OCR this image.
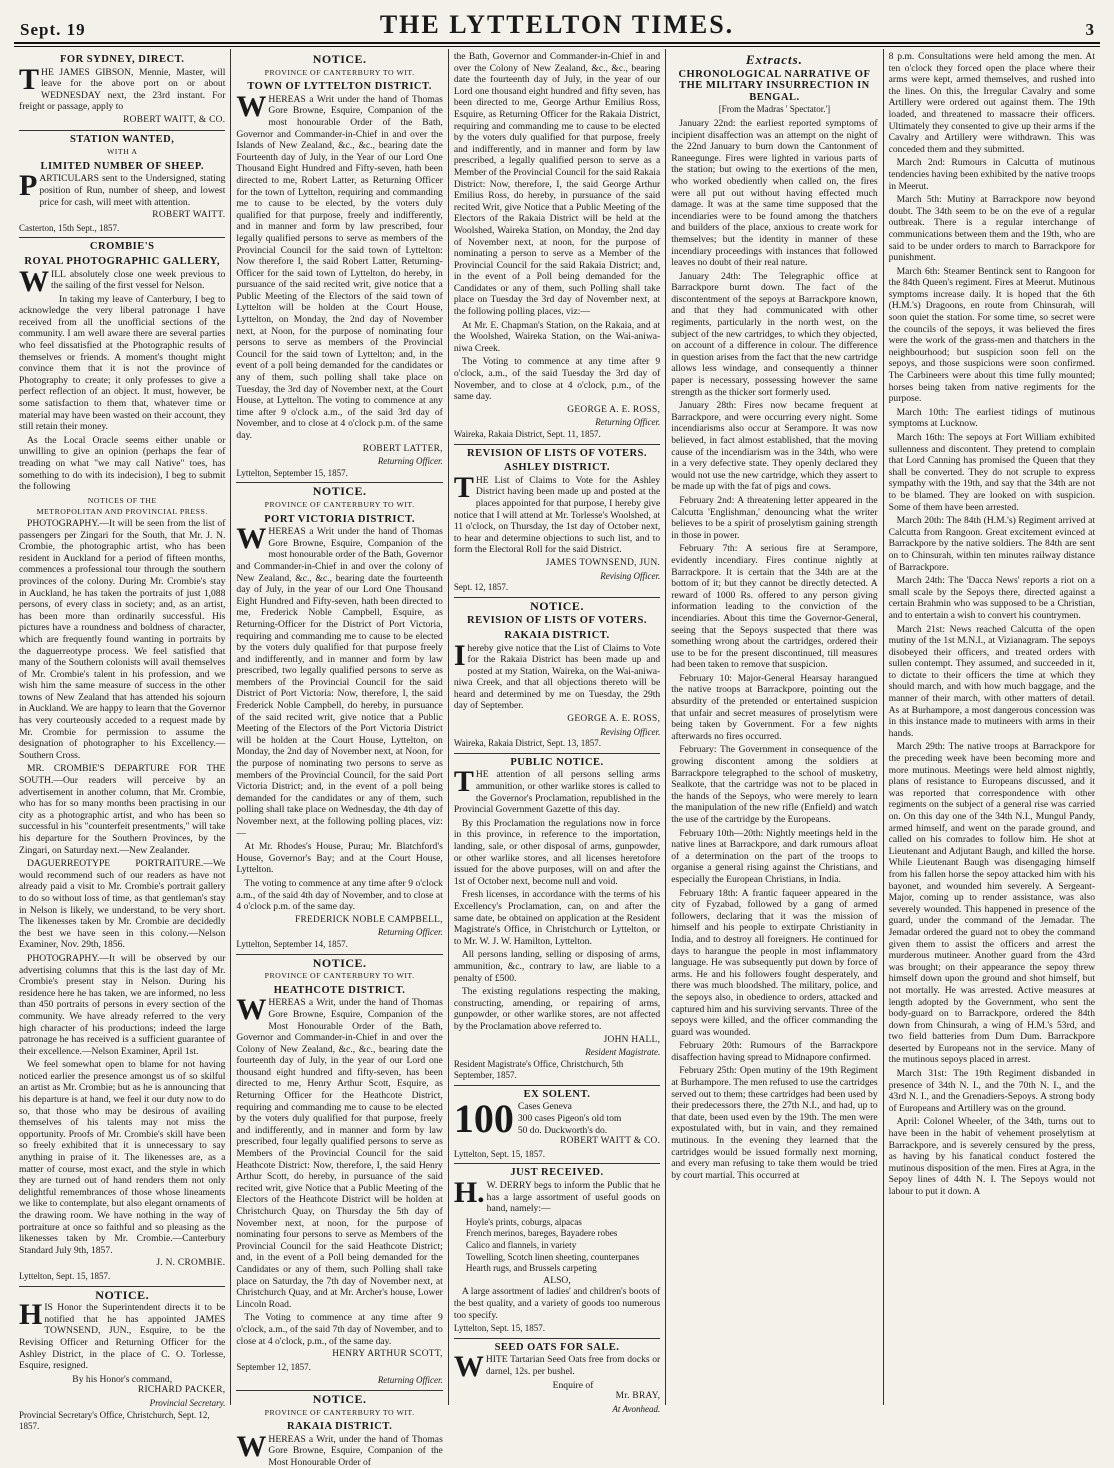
Sept. 19	THE LYTTELTON TIMES.	3
FOR SYDNEY, DIRECT.

THE JAMES GIBSON, Mennie, Master, will leave for the above port on or about WEDNESDAY next, the 23rd instant. For freight or passage, apply to

ROBERT WAITT, & CO.

STATION WANTED,

WITH A

LIMITED NUMBER OF SHEEP.

PARTICULARS sent to the Undersigned, stating position of Run, number of sheep, and lowest price for cash, will meet with attention.

ROBERT WAITT.

Casterton, 15th Sept., 1857.

CROMBIE'S
ROYAL PHOTOGRAPHIC GALLERY,

WILL absolutely close one week previous to the sailing of the first vessel for Nelson.

In taking my leave of Canterbury, I beg to acknowledge the very liberal patronage I have received from all the unofficial sections of the community. I am well aware there are several parties who feel dissatisfied at the Photographic results of themselves or friends. A moment's thought might convince them that it is not the province of Photography to create; it only professes to give a perfect reflection of an object. It must, however, be some satisfaction to them that, whatever time or material may have been wasted on their account, they still retain their money.

As the Local Oracle seems either unable or unwilling to give an opinion (perhaps the fear of treading on what "we may call Native" toes, has something to do with its indecision), I beg to submit the following

NOTICES OF THE

METROPOLITAN AND PROVINCIAL PRESS.

PHOTOGRAPHY.—It will be seen from the list of passengers per Zingari for the South, that Mr. J. N. Crombie, the photographic artist, who has been resident in Auckland for a period of fifteen months, commences a professional tour through the southern provinces of the colony. During Mr. Crombie's stay in Auckland, he has taken the portraits of just 1,088 persons, of every class in society; and, as an artist, has been more than ordinarily successful. His pictures have a roundness and boldness of character, which are frequently found wanting in portraits by the daguerreotype process. We feel satisfied that many of the Southern colonists will avail themselves of Mr. Crombie's talent in his profession, and we wish him the same measure of success in the other towns of New Zealand that has attended his sojourn in Auckland. We are happy to learn that the Governor has very courteously acceded to a request made by Mr. Crombie for permission to assume the designation of photographer to his Excellency.—Southern Cross.

MR. CROMBIE'S DEPARTURE FOR THE SOUTH.—Our readers will perceive by an advertisement in another column, that Mr. Crombie, who has for so many months been practising in our city as a photographic artist, and who has been so successful in his "counterfeit presentments," will take his departure for the Southern Provinces, by the Zingari, on Saturday next.—New Zealander.

DAGUERREOTYPE PORTRAITURE.—We would recommend such of our readers as have not already paid a visit to Mr. Crombie's portrait gallery to do so without loss of time, as that gentleman's stay in Nelson is likely, we understand, to be very short. The likenesses taken by Mr. Crombie are decidedly the best we have seen in this colony.—Nelson Examiner, Nov. 29th, 1856.

PHOTOGRAPHY.—It will be observed by our advertising columns that this is the last day of Mr. Crombie's present stay in Nelson. During his residence here he has taken, we are informed, no less than 450 portraits of persons in every section of the community. We have already referred to the very high character of his productions; indeed the large patronage he has received is a sufficient guarantee of their excellence.—Nelson Examiner, April 1st.

We feel somewhat open to blame for not having noticed earlier the presence amongst us of so skilful an artist as Mr. Crombie; but as he is announcing that his departure is at hand, we feel it our duty now to do so, that those who may be desirous of availing themselves of his talents may not miss the opportunity. Proofs of Mr. Crombie's skill have been so freely exhibited that it is unnecessary to say anything in praise of it. The likenesses are, as a matter of course, most exact, and the style in which they are turned out of hand renders them not only delightful remembrances of those whose lineaments we like to contemplate, but also elegant ornaments of the drawing room. We have nothing in the way of portraiture at once so faithful and so pleasing as the likenesses taken by Mr. Crombie.—Canterbury Standard July 9th, 1857.

J. N. CROMBIE.

Lyttelton, Sept. 15, 1857.

NOTICE.

HIS Honor the Superintendent directs it to be notified that he has appointed JAMES TOWNSEND, JUN., Esquire, to be the Revising Officer and Returning Officer for the Ashley District, in the place of C. O. Torlesse, Esquire, resigned.

By his Honor's command,

RICHARD PACKER,

Provincial Secretary.

Provincial Secretary's Office, Christchurch, Sept. 12, 1857.

NOTICE.

PROVINCE OF CANTERBURY TO WIT.

TOWN OF LYTTELTON DISTRICT.

WHEREAS a Writ under the hand of Thomas Gore Browne, Esquire, Companion of the most honourable Order of the Bath, Governor and Commander-in-Chief in and over the Islands of New Zealand, &c., &c., bearing date the Fourteenth day of July, in the Year of our Lord One Thousand Eight Hundred and Fifty-seven, hath been directed to me, Robert Latter, as Returning Officer for the town of Lyttelton, requiring and commanding me to cause to be elected, by the voters duly qualified for that purpose, freely and indifferently, and in manner and form by law prescribed, four legally qualified persons to serve as members of the Provincial Council for the said town of Lyttelton: Now therefore I, the said Robert Latter, Returning-Officer for the said town of Lyttelton, do hereby, in pursuance of the said recited writ, give notice that a Public Meeting of the Electors of the said town of Lyttelton will be holden at the Court House, Lyttelton, on Monday, the 2nd day of November next, at Noon, for the purpose of nominating four persons to serve as members of the Provincial Council for the said town of Lyttelton; and, in the event of a poll being demanded for the candidates or any of them, such polling shall take place on Tuesday, the 3rd day of November next, at the Court House, at Lyttelton. The voting to commence at any time after 9 o'clock a.m., of the said 3rd day of November, and to close at 4 o'clock p.m. of the same day.

ROBERT LATTER,

Returning Officer.

Lyttelton, September 15, 1857.

NOTICE.

PROVINCE OF CANTERBURY TO WIT.

PORT VICTORIA DISTRICT.

WHEREAS a Writ under the hand of Thomas Gore Browne, Esquire, Companion of the most honourable order of the Bath, Governor and Commander-in-Chief in and over the colony of New Zealand, &c., &c., bearing date the fourteenth day of July, in the year of our Lord One Thousand Eight Hundred and Fifty-seven, hath been directed to me, Frederick Noble Campbell, Esquire, as Returning-Officer for the District of Port Victoria, requiring and commanding me to cause to be elected by the voters duly qualified for that purpose freely and indifferently, and in manner and form by law prescribed, two legally qualified persons to serve as members of the Provincial Council for the said District of Port Victoria: Now, therefore, I, the said Frederick Noble Campbell, do hereby, in pursuance of the said recited writ, give notice that a Public Meeting of the Electors of the Port Victoria District will be holden at the Court House, Lyttelton, on Monday, the 2nd day of November next, at Noon, for the purpose of nominating two persons to serve as members of the Provincial Council, for the said Port Victoria District; and, in the event of a poll being demanded for the candidates or any of them, such polling shall take place on Wednesday, the 4th day of November next, at the following polling places, viz:—

At Mr. Rhodes's House, Purau; Mr. Blatchford's House, Governor's Bay; and at the Court House, Lyttelton.

The voting to commence at any time after 9 o'clock a.m., of the said 4th day of November, and to close at 4 o'clock p.m. of the same day.

FREDERICK NOBLE CAMPBELL,

Returning Officer.

Lyttelton, September 14, 1857.

NOTICE.

PROVINCE OF CANTERBURY TO WIT.

HEATHCOTE DISTRICT.

WHEREAS a Writ, under the hand of Thomas Gore Browne, Esquire, Companion of the Most Honourable Order of the Bath, Governor and Commander-in-Chief in and over the Colony of New Zealand, &c., &c., bearing date the fourteenth day of July, in the year of our Lord one thousand eight hundred and fifty-seven, has been directed to me, Henry Arthur Scott, Esquire, as Returning Officer for the Heathcote District, requiring and commanding me to cause to be elected by the voters duly qualified for that purpose, freely and indifferently, and in manner and form by law prescribed, four legally qualified persons to serve as Members of the Provincial Council for the said Heathcote District: Now, therefore, I, the said Henry Arthur Scott, do hereby, in pursuance of the said recited writ, give Notice that a Public Meeting of the Electors of the Heathcote District will be holden at Christchurch Quay, on Thursday the 5th day of November next, at noon, for the purpose of nominating four persons to serve as Members of the Provincial Council for the said Heathcote District; and, in the event of a Poll being demanded for the Candidates or any of them, such Polling shall take place on Saturday, the 7th day of November next, at Christchurch Quay, and at Mr. Archer's house, Lower Lincoln Road.

The Voting to commence at any time after 9 o'clock, a.m., of the said 7th day of November, and to close at 4 o'clock, p.m., of the same day.

HENRY ARTHUR SCOTT,

September 12, 1857.

Returning Officer.

NOTICE.

PROVINCE OF CANTERBURY TO WIT.

RAKAIA DISTRICT.

WHEREAS a Writ, under the hand of Thomas Gore Browne, Esquire, Companion of the Most Honourable Order of

the Bath, Governor and Commander-in-Chief in and over the Colony of New Zealand, &c., &c., bearing date the fourteenth day of July, in the year of our Lord one thousand eight hundred and fifty seven, has been directed to me, George Arthur Emilius Ross, Esquire, as Returning Officer for the Rakaia District, requiring and commanding me to cause to be elected by the voters duly qualified for that purpose, freely and indifferently, and in manner and form by law prescribed, a legally qualified person to serve as a Member of the Provincial Council for the said Rakaia District: Now, therefore, I, the said George Arthur Emilius Ross, do hereby, in pursuance of the said recited Writ, give Notice that a Public Meeting of the Electors of the Rakaia District will be held at the Woolshed, Waireka Station, on Monday, the 2nd day of November next, at noon, for the purpose of nominating a person to serve as a Member of the Provincial Council for the said Rakaia District; and, in the event of a Poll being demanded for the Candidates or any of them, such Polling shall take place on Tuesday the 3rd day of November next, at the following polling places, viz:—

At Mr. E. Chapman's Station, on the Rakaia, and at the Woolshed, Waireka Station, on the Wai-aniwa-niwa Creek.

The Voting to commence at any time after 9 o'clock, a.m., of the said Tuesday the 3rd day of November, and to close at 4 o'clock, p.m., of the same day.

GEORGE A. E. ROSS,

Returning Officer.

Waireka, Rakaia District, Sept. 11, 1857.

REVISION OF LISTS OF VOTERS.
ASHLEY DISTRICT.

THE List of Claims to Vote for the Ashley District having been made up and posted at the places appointed for that purpose, I hereby give notice that I will attend at Mr. Torlesse's Woolshed, at 11 o'clock, on Thursday, the 1st day of October next, to hear and determine objections to such list, and to form the Electoral Roll for the said District.

JAMES TOWNSEND, JUN.

Revising Officer.

Sept. 12, 1857.

NOTICE.
REVISION OF LISTS OF VOTERS.
RAKAIA DISTRICT.

Ihereby give notice that the List of Claims to Vote for the Rakaia District has been made up and posted at my Station, Waireka, on the Wai-aniwa-niwa Creek, and that all objections thereto will be heard and determined by me on Tuesday, the 29th day of September.

GEORGE A. E. ROSS,

Revising Officer.

Waireka, Rakaia District, Sept. 13, 1857.

PUBLIC NOTICE.

THE attention of all persons selling arms ammunition, or other warlike stores is called to the Governor's Proclamation, republished in the Provincial Government Gazette of this day.

By this Proclamation the regulations now in force in this province, in reference to the importation, landing, sale, or other disposal of arms, gunpowder, or other warlike stores, and all licenses heretofore issued for the above purposes, will on and after the 1st of October next, become null and void.

Fresh licenses, in accordance with the terms of his Excellency's Proclamation, can, on and after the same date, be obtained on application at the Resident Magistrate's Office, in Christchurch or Lyttelton, or to Mr. W. J. W. Hamilton, Lyttelton.

All persons landing, selling or disposing of arms, ammunition, &c., contrary to law, are liable to a penalty of £500.

The existing regulations respecting the making, constructing, amending, or repairing of arms, gunpowder, or other warlike stores, are not affected by the Proclamation above referred to.

JOHN HALL,

Resident Magistrate.

Resident Magistrate's Office, Christchurch, 5th September, 1857.

EX SOLENT.
100 Cases Geneva
300 cases Pigeon's old tom
50 do. Duckworth's do.

ROBERT WAITT & CO.

Lyttelton, Sept. 15, 1857.

JUST RECEIVED.

H.W. DERRY begs to inform the Public that he has a large assortment of useful goods on hand, namely:—

Hoyle's prints, coburgs, alpacas
French merinos, bareges, Bayadere robes
Calico and flannels, in variety
Towelling, Scotch linen sheeting, counterpanes
Hearth rugs, and Brussels carpeting

ALSO,

A large assortment of ladies' and children's boots of the best quality, and a variety of goods too numerous too specify.

Lyttelton, Sept. 15, 1857.

SEED OATS FOR SALE.

WHITE Tartarian Seed Oats free from docks or darnel, 12s. per bushel.

Enquire of

Mr. BRAY,

At Avonhead.

Extracts.
CHRONOLOGICAL NARRATIVE OF THE MILITARY INSURRECTION IN BENGAL.

[From the Madras ' Spectator.']

January 22nd: the earliest reported symptoms of incipient disaffection was an attempt on the night of the 22nd January to burn down the Cantonment of Raneegunge. Fires were lighted in various parts of the station; but owing to the exertions of the men, who worked obediently when called on, the fires were all put out without having effected much damage. It was at the same time supposed that the incendiaries were to be found among the thatchers and builders of the place, anxious to create work for themselves; but the identity in manner of these incendiary proceedings with instances that followed leaves no doubt of their real nature.

January 24th: The Telegraphic office at Barrackpore burnt down. The fact of the discontentment of the sepoys at Barrackpore known, and that they had communicated with other regiments, particularly in the north west, on the subject of the new cartridges, to which they objected, on account of a difference in colour. The difference in question arises from the fact that the new cartridge allows less windage, and consequently a thinner paper is necessary, possessing however the same strength as the thicker sort formerly used.

January 28th: Fires now became frequent at Barrackpore, and were occurring every night. Some incendiarisms also occur at Serampore. It was now believed, in fact almost established, that the moving cause of the incendiarism was in the 34th, who were in a very defective state. They openly declared they would not use the new cartridge, which they assert to be made up with the fat of pigs and cows.

February 2nd: A threatening letter appeared in the Calcutta 'Englishman,' denouncing what the writer believes to be a spirit of proselytism gaining strength in those in power.

February 7th: A serious fire at Serampore, evidently incendiary. Fires continue nightly at Barrackpore. It is certain that the 34th are at the bottom of it; but they cannot be directly detected. A reward of 1000 Rs. offered to any person giving information leading to the conviction of the incendiaries. About this time the Governor-General, seeing that the Sepoys suspected that there was something wrong about the cartridges, ordered their use to be for the present discontinued, till measures had been taken to remove that suspicion.

February 10: Major-General Hearsay harangued the native troops at Barrackpore, pointing out the absurdity of the pretended or entertained suspicion that unfair and secret measures of proselytism were being taken by Government. For a few nights afterwards no fires occurred.

February: The Government in consequence of the growing discontent among the soldiers at Barrackpore telegraphed to the school of musketry, Sealkote, that the cartridge was not to be placed in the hands of the Sepoys, who were merely to learn the manipulation of the new rifle (Enfield) and watch the use of the cartridge by the Europeans.

February 10th—20th: Nightly meetings held in the native lines at Barrackpore, and dark rumours afloat of a determination on the part of the troops to organise a general rising against the Christians, and especially the European Christians, in India.

February 18th: A frantic faqueer appeared in the city of Fyzabad, followed by a gang of armed followers, declaring that it was the mission of himself and his people to extirpate Christianity in India, and to destroy all foreigners. He continued for days to harangue the people in most inflammatory language. He was subsequently put down by force of arms. He and his followers fought desperately, and there was much bloodshed. The military, police, and the sepoys also, in obedience to orders, attacked and captured him and his surviving servants. Three of the sepoys were killed, and the officer commanding the guard was wounded.

February 20th: Rumours of the Barrackpore disaffection having spread to Midnapore confirmed.

February 25th: Open mutiny of the 19th Regiment at Burhampore. The men refused to use the cartridges served out to them; these cartridges had been used by their predecessors there, the 27th N.I., and had, up to that date, been used even by the 19th. The men were expostulated with, but in vain, and they remained mutinous. In the evening they learned that the cartridges would be issued formally next morning, and every man refusing to take them would be tried by court martial. This occurred at

8 p.m. Consultations were held among the men. At ten o'clock they forced open the place where their arms were kept, armed themselves, and rushed into the lines. On this, the Irregular Cavalry and some Artillery were ordered out against them. The 19th loaded, and threatened to massacre their officers. Ultimately they consented to give up their arms if the Cavalry and Artillery were withdrawn. This was conceded them and they submitted.

March 2nd: Rumours in Calcutta of mutinous tendencies having been exhibited by the native troops in Meerut.

March 5th: Mutiny at Barrackpore now beyond doubt. The 34th seem to be on the eve of a regular outbreak. There is a regular interchange of communications between them and the 19th, who are said to be under orders to march to Barrackpore for punishment.

March 6th: Steamer Bentinck sent to Rangoon for the 84th Queen's regiment. Fires at Meerut. Mutinous symptoms increase daily. It is hoped that the 6th (H.M.'s) Dragoons, en route from Chinsurah, will soon quiet the station. For some time, so secret were the councils of the sepoys, it was believed the fires were the work of the grass-men and thatchers in the neighbourhood; but suspicion soon fell on the sepoys, and those suspicions were soon confirmed. The Carbineers were about this time fully mounted; horses being taken from native regiments for the purpose.

March 10th: The earliest tidings of mutinous symptoms at Lucknow.

March 16th: The sepoys at Fort William exhibited sullenness and discontent. They pretend to complain that Lord Canning has promised the Queen that they shall be converted. They do not scruple to express sympathy with the 19th, and say that the 34th are not to be blamed. They are looked on with suspicion. Some of them have been arrested.

March 20th: The 84th (H.M.'s) Regiment arrived at Calcutta from Rangoon. Great excitement evinced at Barrackpore by the native soldiers. The 84th are sent on to Chinsurah, within ten minutes railway distance of Barrackpore.

March 24th: The 'Dacca News' reports a riot on a small scale by the Sepoys there, directed against a certain Brahmin who was supposed to be a Christian, and to entertain a wish to convert his countrymen.

March 21st: News reached Calcutta of the open mutiny of the 1st M.N.I., at Vizianagram. The sepoys disobeyed their officers, and treated orders with sullen contempt. They assumed, and succeeded in it, to dictate to their officers the time at which they should march, and with how much baggage, and the manner of their march, with other matters of detail. As at Burhampore, a most dangerous concession was in this instance made to mutineers with arms in their hands.

March 29th: The native troops at Barrackpore for the preceding week have been becoming more and more mutinous. Meetings were held almost nightly, plans of resistance to Europeans discussed, and it was reported that correspondence with other regiments on the subject of a general rise was carried on. On this day one of the 34th N.I., Mungul Pandy, armed himself, and went on the parade ground, and called on his comrades to follow him. He shot at Lieutenant and Adjutant Baugh, and killed the horse. While Lieutenant Baugh was disengaging himself from his fallen horse the sepoy attacked him with his bayonet, and wounded him severely. A Sergeant-Major, coming up to render assistance, was also severely wounded. This happened in presence of the guard, under the command of the Jemadar. The Jemadar ordered the guard not to obey the command given them to assist the officers and arrest the murderous mutineer. Another guard from the 43rd was brought; on their appearance the sepoy threw himself down upon the ground and shot himself, but not mortally. He was arrested. Active measures at length adopted by the Government, who sent the body-guard on to Barrackpore, ordered the 84th down from Chinsurah, a wing of H.M.'s 53rd, and two field batteries from Dum Dum. Barrackpore deserted by Europeans not in the service. Many of the mutinous sepoys placed in arrest.

March 31st: The 19th Regiment disbanded in presence of 34th N. I., and the 70th N. I., and the 43rd N. I., and the Grenadiers-Sepoys. A strong body of Europeans and Artillery was on the ground.

April: Colonel Wheeler, of the 34th, turns out to have been in the habit of vehement proselytism at Barrackpore, and is severely censured by the press, as having by his fanatical conduct fostered the mutinous disposition of the men. Fires at Agra, in the Sepoy lines of 44th N. I. The Sepoys would not labour to put it down. A
